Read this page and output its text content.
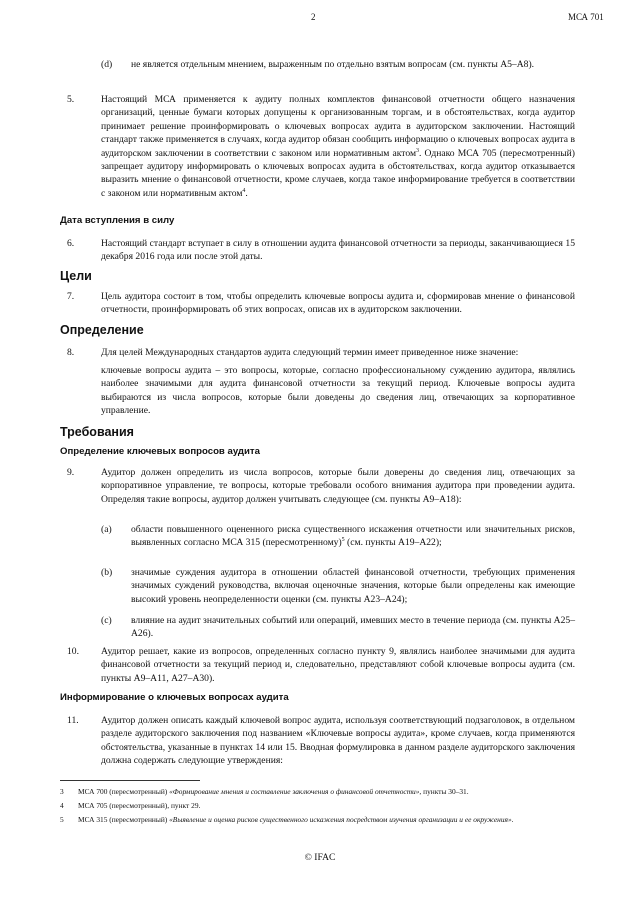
2	МСА 701
(d) не является отдельным мнением, выраженным по отдельно взятым вопросам (см. пункты А5–А8).
5.	Настоящий МСА применяется к аудиту полных комплектов финансовой отчетности общего назначения организаций, ценные бумаги которых допущены к организованным торгам, и в обстоятельствах, когда аудитор принимает решение проинформировать о ключевых вопросах аудита в аудиторском заключении. Настоящий стандарт также применяется в случаях, когда аудитор обязан сообщить информацию о ключевых вопросах аудита в аудиторском заключении в соответствии с законом или нормативным актом$^3$. Однако МСА 705 (пересмотренный) запрещает аудитору информировать о ключевых вопросах аудита в обстоятельствах, когда аудитор отказывается выразить мнение о финансовой отчетности, кроме случаев, когда такое информирование требуется в соответствии с законом или нормативным актом$^4$.
Дата вступления в силу
6.	Настоящий стандарт вступает в силу в отношении аудита финансовой отчетности за периоды, заканчивающиеся 15 декабря 2016 года или после этой даты.
Цели
7.	Цель аудитора состоит в том, чтобы определить ключевые вопросы аудита и, сформировав мнение о финансовой отчетности, проинформировать об этих вопросах, описав их в аудиторском заключении.
Определение
8.	Для целей Международных стандартов аудита следующий термин имеет приведенное ниже значение:
ключевые вопросы аудита – это вопросы, которые, согласно профессиональному суждению аудитора, являлись наиболее значимыми для аудита финансовой отчетности за текущий период. Ключевые вопросы аудита выбираются из числа вопросов, которые были доведены до сведения лиц, отвечающих за корпоративное управление.
Требования
Определение ключевых вопросов аудита
9.	Аудитор должен определить из числа вопросов, которые были доверены до сведения лиц, отвечающих за корпоративное управление, те вопросы, которые требовали особого внимания аудитора при проведении аудита. Определяя такие вопросы, аудитор должен учитывать следующее (см. пункты А9–А18):
(a) области повышенного оцененного риска существенного искажения отчетности или значительных рисков, выявленных согласно МСА 315 (пересмотренному)$^5$ (см. пункты А19–А22);
(b) значимые суждения аудитора в отношении областей финансовой отчетности, требующих применения значимых суждений руководства, включая оценочные значения, которые были определены как имеющие высокий уровень неопределенности оценки (см. пункты А23–А24);
(c) влияние на аудит значительных событий или операций, имевших место в течение периода (см. пункты А25–А26).
10. Аудитор решает, какие из вопросов, определенных согласно пункту 9, являлись наиболее значимыми для аудита финансовой отчетности за текущий период и, следовательно, представляют собой ключевые вопросы аудита (см. пункты А9–А11, А27–А30).
Информирование о ключевых вопросах аудита
11. Аудитор должен описать каждый ключевой вопрос аудита, используя соответствующий подзаголовок, в отдельном разделе аудиторского заключения под названием «Ключевые вопросы аудита», кроме случаев, когда применяются обстоятельства, указанные в пунктах 14 или 15. Вводная формулировка в данном разделе аудиторского заключения должна содержать следующие утверждения:
3 МСА 700 (пересмотренный) «Формирование мнения и составление заключения о финансовой отчетности», пункты 30–31.
4 МСА 705 (пересмотренный), пункт 29.
5 МСА 315 (пересмотренный) «Выявление и оценка рисков существенного искажения посредством изучения организации и ее окружения».
© IFAC
